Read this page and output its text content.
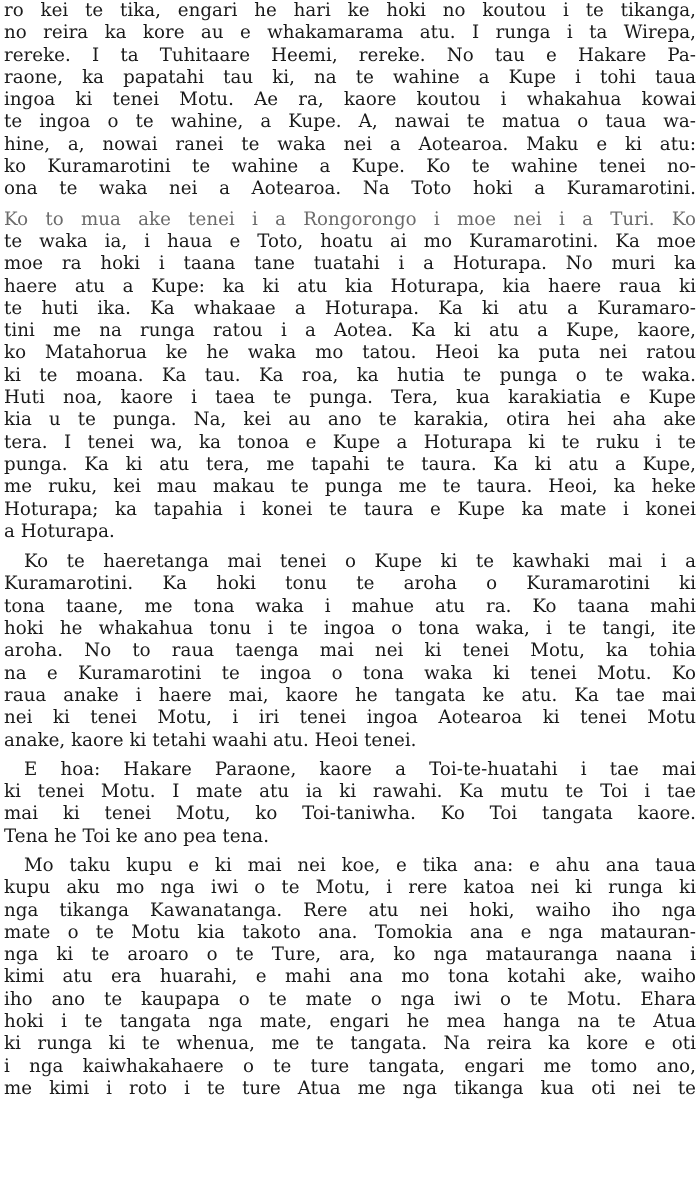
ro kei te tika, engari he hari ke hoki no koutou i te tikanga,
no reira ka kore au e whakamarama atu. I runga i ta Wirepa,
rereke. I ta Tuhitaare Heemi, rereke. No tau e Hakare Pa-
raone, ka papatahi tau ki, na te wahine a Kupe i tohi taua
ingoa ki tenei Motu. Ae ra, kaore koutou i whakahua kowai
te ingoa o te wahine, a Kupe. A, nawai te matua o taua wa-
hine, a, nowai ranei te waka nei a Aotearoa. Maku e ki atu:
ko Kuramarotini te wahine a Kupe. Ko te wahine tenei no-
ona te waka nei a Aotearoa. Na Toto hoki a Kuramarotini.
Ko to mua ake tenei i a Rongorongo i moe nei i a Turi. Ko
te waka ia, i haua e Toto, hoatu ai mo Kuramarotini. Ka moe
moe ra hoki i taana tane tuatahi i a Hoturapa. No muri ka
haere atu a Kupe: ka ki atu kia Hoturapa, kia haere raua ki
te huti ika. Ka whakaae a Hoturapa. Ka ki atu a Kuramaro-
tini me na runga ratou i a Aotea. Ka ki atu a Kupe, kaore,
ko Matahorua ke he waka mo tatou. Heoi ka puta nei ratou
ki te moana. Ka tau. Ka roa, ka hutia te punga o te waka.
Huti noa, kaore i taea te punga. Tera, kua karakiatia e Kupe
kia u te punga. Na, kei au ano te karakia, otira hei aha ake
tera. I tenei wa, ka tonoa e Kupe a Hoturapa ki te ruku i te
punga. Ka ki atu tera, me tapahi te taura. Ka ki atu a Kupe,
me ruku, kei mau makau te punga me te taura. Heoi, ka heke
Hoturapa; ka tapahia i konei te taura e Kupe ka mate i konei
a Hoturapa.
Ko te haeretanga mai tenei o Kupe ki te kawhaki mai i a
Kuramarotini. Ka hoki tonu te aroha o Kuramarotini ki
tona taane, me tona waka i mahue atu ra. Ko taana mahi
hoki he whakahua tonu i te ingoa o tona waka, i te tangi, ite
aroha. No to raua taenga mai nei ki tenei Motu, ka tohia
na e Kuramarotini te ingoa o tona waka ki tenei Motu. Ko
raua anake i haere mai, kaore he tangata ke atu. Ka tae mai
nei ki tenei Motu, i iri tenei ingoa Aotearoa ki tenei Motu
anake, kaore ki tetahi waahi atu. Heoi tenei.
E hoa: Hakare Paraone, kaore a Toi-te-huatahi i tae mai
ki tenei Motu. I mate atu ia ki rawahi. Ka mutu te Toi i tae
mai ki tenei Motu, ko Toi-taniwha. Ko Toi tangata kaore.
Tena he Toi ke ano pea tena.
Mo taku kupu e ki mai nei koe, e tika ana: e ahu ana taua
kupu aku mo nga iwi o te Motu, i rere katoa nei ki runga ki
nga tikanga Kawanatanga. Rere atu nei hoki, waiho iho nga
mate o te Motu kia takoto ana. Tomokia ana e nga matauran-
nga ki te aroaro o te Ture, ara, ko nga matauranga naana i
kimi atu era huarahi, e mahi ana mo tona kotahi ake, waiho
iho ano te kaupapa o te mate o nga iwi o te Motu. Ehara
hoki i te tangata nga mate, engari he mea hanga na te Atua
ki runga ki te whenua, me te tangata. Na reira ka kore e oti
i nga kaiwhakahaere o te ture tangata, engari me tomo ano,
me kimi i roto i te ture Atua me nga tikanga kua oti nei te
